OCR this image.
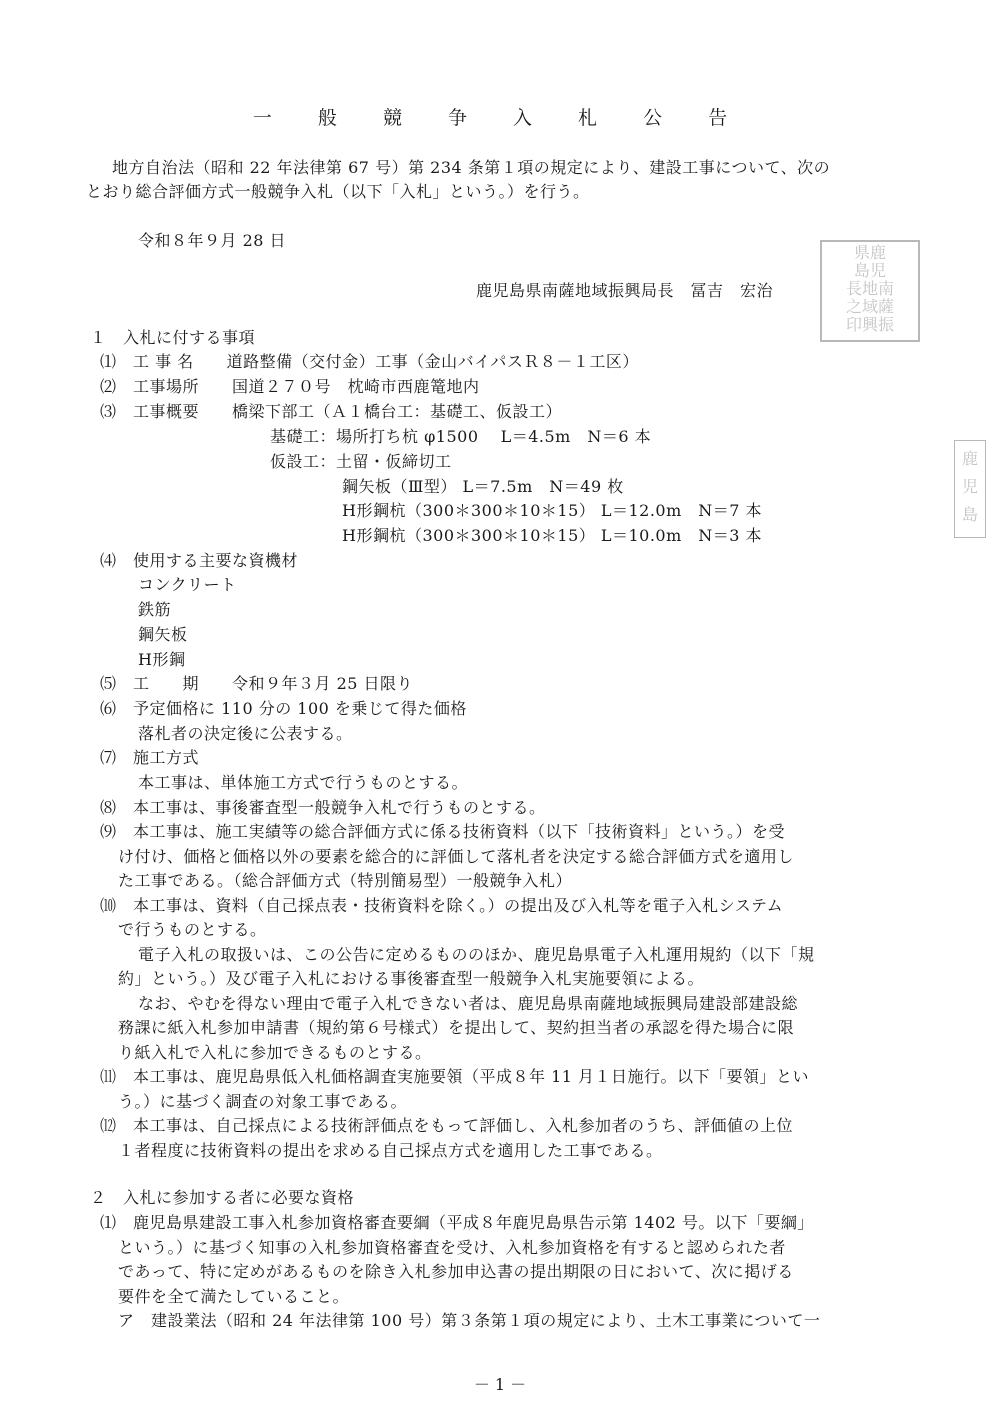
一 般 競 争 入 札 公 告
地方自治法（昭和 22 年法律第 67 号）第 234 条第１項の規定により、建設工事について、次の
とおり総合評価方式一般競争入札（以下「入札」という。）を行う。
令和８年９月 28 日
鹿児島県南薩地域振興局長　冨吉　宏治
１　入札に付する事項
⑴　工 事 名　　道路整備（交付金）工事（金山バイパスＲ８－１工区）
⑵　工事場所　　国道２７０号　枕崎市西鹿篭地内
⑶　工事概要　　橋梁下部工（Ａ１橋台工：基礎工、仮設工）
基礎工：場所打ち杭 φ1500　 L＝4.5m　N＝6 本
仮設工：土留・仮締切工
鋼矢板（Ⅲ型） L＝7.5m　N＝49 枚
H形鋼杭（300＊300＊10＊15） L＝12.0m　N＝7 本
H形鋼杭（300＊300＊10＊15） L＝10.0m　N＝3 本
⑷　使用する主要な資機材
コンクリート
鉄筋
鋼矢板
H形鋼
⑸　工　　期　　令和９年３月 25 日限り
⑹　予定価格に 110 分の 100 を乗じて得た価格
落札者の決定後に公表する。
⑺　施工方式
本工事は、単体施工方式で行うものとする。
⑻　本工事は、事後審査型一般競争入札で行うものとする。
⑼　本工事は、施工実績等の総合評価方式に係る技術資料（以下「技術資料」という。）を受
け付け、価格と価格以外の要素を総合的に評価して落札者を決定する総合評価方式を適用し
た工事である。（総合評価方式（特別簡易型）一般競争入札）
⑽　本工事は、資料（自己採点表・技術資料を除く。）の提出及び入札等を電子入札システム
で行うものとする。
電子入札の取扱いは、この公告に定めるもののほか、鹿児島県電子入札運用規約（以下「規
約」という。）及び電子入札における事後審査型一般競争入札実施要領による。
なお、やむを得ない理由で電子入札できない者は、鹿児島県南薩地域振興局建設部建設総
務課に紙入札参加申請書（規約第６号様式）を提出して、契約担当者の承認を得た場合に限
り紙入札で入札に参加できるものとする。
⑾　本工事は、鹿児島県低入札価格調査実施要領（平成８年 11 月１日施行。以下「要領」とい
う。）に基づく調査の対象工事である。
⑿　本工事は、自己採点による技術評価点をもって評価し、入札参加者のうち、評価値の上位
１者程度に技術資料の提出を求める自己採点方式を適用した工事である。
２　入札に参加する者に必要な資格
⑴　鹿児島県建設工事入札参加資格審査要綱（平成８年鹿児島県告示第 1402 号。以下「要綱」
という。）に基づく知事の入札参加資格審査を受け、入札参加資格を有すると認められた者
であって、特に定めがあるものを除き入札参加申込書の提出期限の日において、次に掲げる
要件を全て満たしていること。
ア　建設業法（昭和 24 年法律第 100 号）第３条第１項の規定により、土木工事業について一
県鹿
島児
長地南
之域薩
印興振
鹿
児
島
－ 1 －
